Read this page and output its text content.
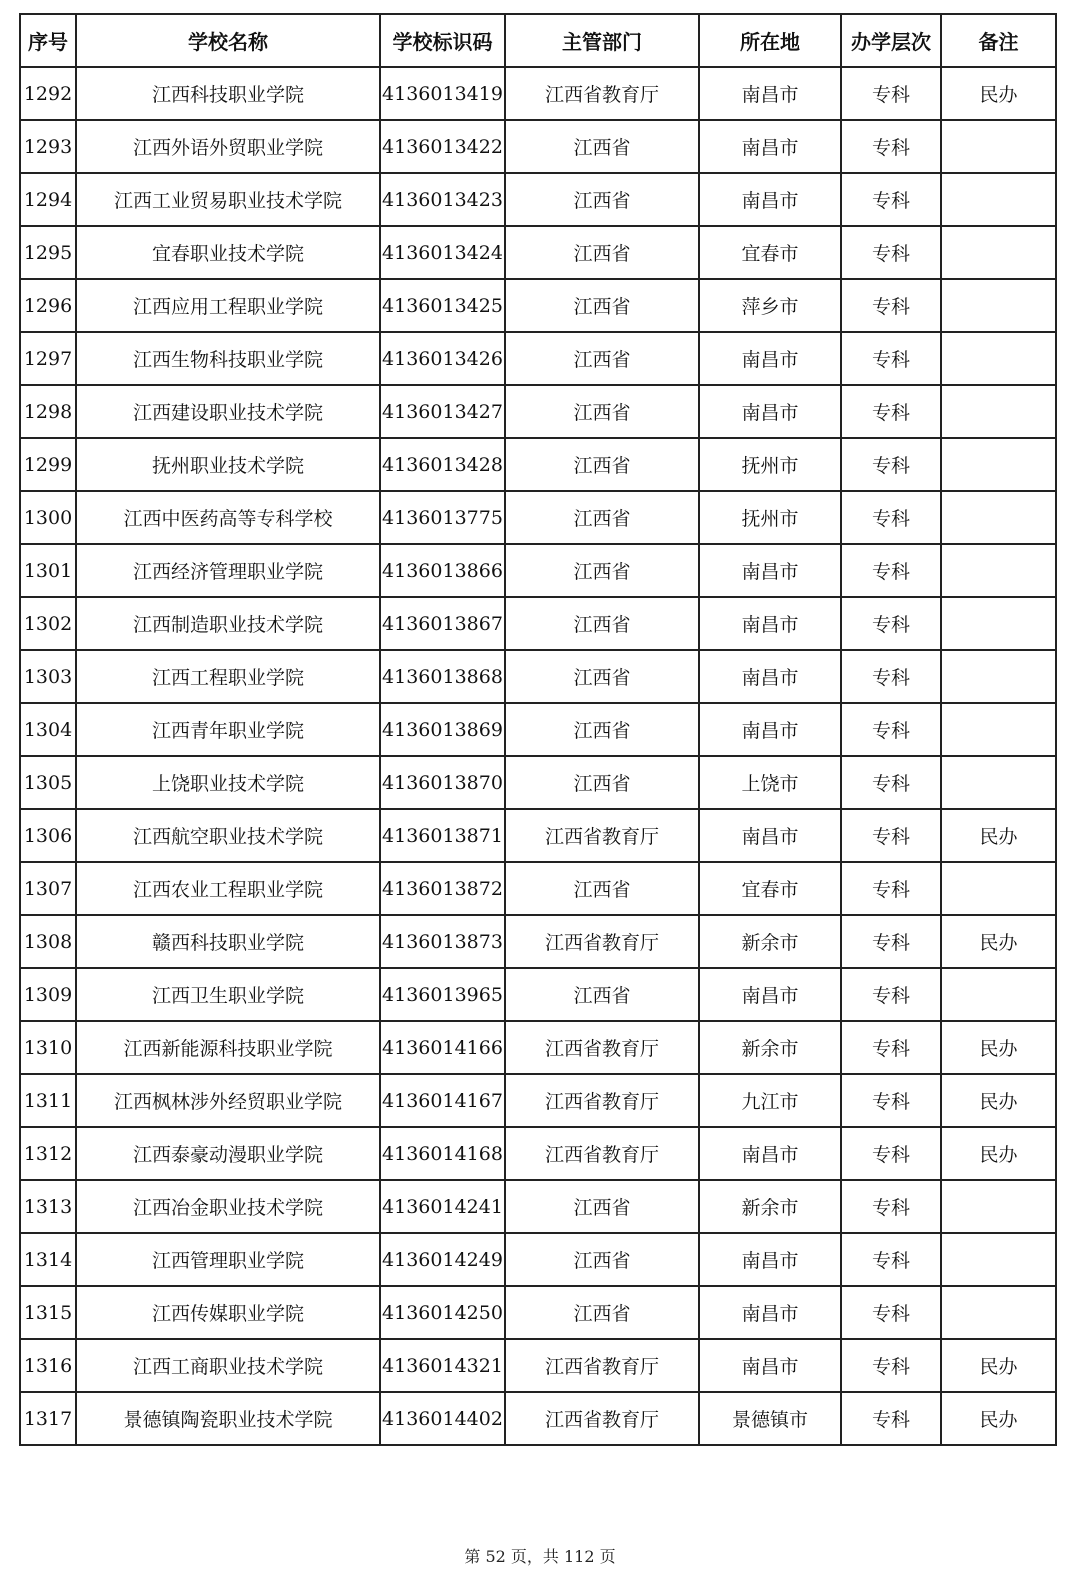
序号	学校名称	学校标识码	主管部门	所在地	办学层次	备注
1292	江西科技职业学院	4136013419	江西省教育厅	南昌市	专科	民办
1293	江西外语外贸职业学院	4136013422	江西省	南昌市	专科	
1294	江西工业贸易职业技术学院	4136013423	江西省	南昌市	专科	
1295	宜春职业技术学院	4136013424	江西省	宜春市	专科	
1296	江西应用工程职业学院	4136013425	江西省	萍乡市	专科	
1297	江西生物科技职业学院	4136013426	江西省	南昌市	专科	
1298	江西建设职业技术学院	4136013427	江西省	南昌市	专科	
1299	抚州职业技术学院	4136013428	江西省	抚州市	专科	
1300	江西中医药高等专科学校	4136013775	江西省	抚州市	专科	
1301	江西经济管理职业学院	4136013866	江西省	南昌市	专科	
1302	江西制造职业技术学院	4136013867	江西省	南昌市	专科	
1303	江西工程职业学院	4136013868	江西省	南昌市	专科	
1304	江西青年职业学院	4136013869	江西省	南昌市	专科	
1305	上饶职业技术学院	4136013870	江西省	上饶市	专科	
1306	江西航空职业技术学院	4136013871	江西省教育厅	南昌市	专科	民办
1307	江西农业工程职业学院	4136013872	江西省	宜春市	专科	
1308	赣西科技职业学院	4136013873	江西省教育厅	新余市	专科	民办
1309	江西卫生职业学院	4136013965	江西省	南昌市	专科	
1310	江西新能源科技职业学院	4136014166	江西省教育厅	新余市	专科	民办
1311	江西枫林涉外经贸职业学院	4136014167	江西省教育厅	九江市	专科	民办
1312	江西泰豪动漫职业学院	4136014168	江西省教育厅	南昌市	专科	民办
1313	江西冶金职业技术学院	4136014241	江西省	新余市	专科	
1314	江西管理职业学院	4136014249	江西省	南昌市	专科	
1315	江西传媒职业学院	4136014250	江西省	南昌市	专科	
1316	江西工商职业技术学院	4136014321	江西省教育厅	南昌市	专科	民办
1317	景德镇陶瓷职业技术学院	4136014402	江西省教育厅	景德镇市	专科	民办
第 52 页，共 112 页
